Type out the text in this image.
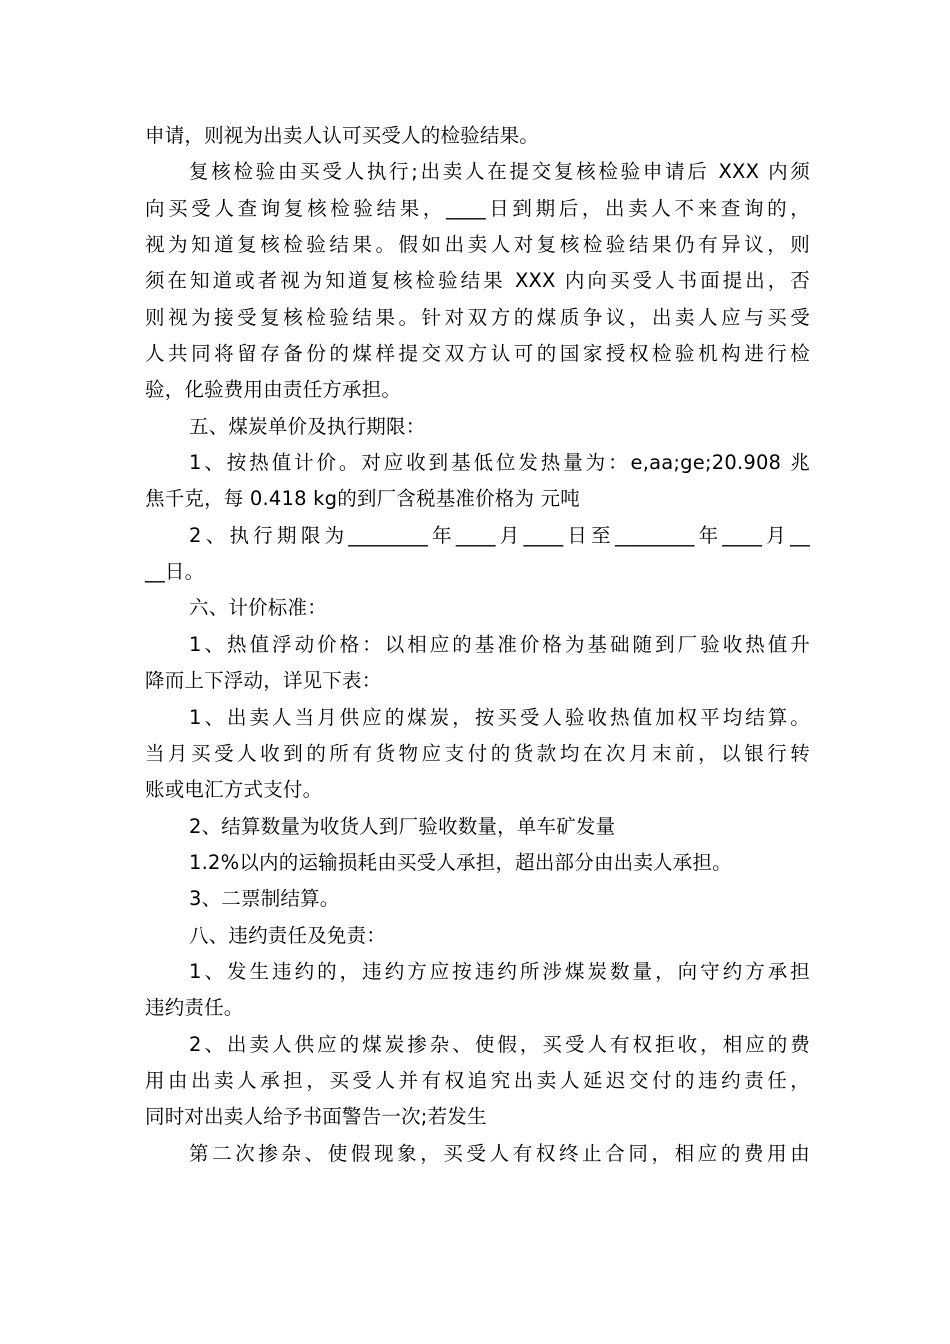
申请，则视为出卖人认可买受人的检验结果。
复核检验由买受人执行;出卖人在提交复核检验申请后 XXX 内须
向买受人查询复核检验结果，____日到期后，出卖人不来查询的，
视为知道复核检验结果。假如出卖人对复核检验结果仍有异议，则
须在知道或者视为知道复核检验结果 XXX 内向买受人书面提出，否
则视为接受复核检验结果。针对双方的煤质争议，出卖人应与买受
人共同将留存备份的煤样提交双方认可的国家授权检验机构进行检
验，化验费用由责任方承担。
五、煤炭单价及执行期限：
1、按热值计价。对应收到基低位发热量为：e,aa;ge;20.908 兆
焦千克，每 0.418 kg的到厂含税基准价格为 元吨
2、执行期限为________年____月____日至________年____月__
__日。
六、计价标准：
1、热值浮动价格：以相应的基准价格为基础随到厂验收热值升
降而上下浮动，详见下表：
1、出卖人当月供应的煤炭，按买受人验收热值加权平均结算。
当月买受人收到的所有货物应支付的货款均在次月末前，以银行转
账或电汇方式支付。
2、结算数量为收货人到厂验收数量，单车矿发量
1.2%以内的运输损耗由买受人承担，超出部分由出卖人承担。
3、二票制结算。
八、违约责任及免责：
1、发生违约的，违约方应按违约所涉煤炭数量，向守约方承担
违约责任。
2、出卖人供应的煤炭掺杂、使假，买受人有权拒收，相应的费
用由出卖人承担，买受人并有权追究出卖人延迟交付的违约责任，
同时对出卖人给予书面警告一次;若发生
第二次掺杂、使假现象，买受人有权终止合同，相应的费用由
